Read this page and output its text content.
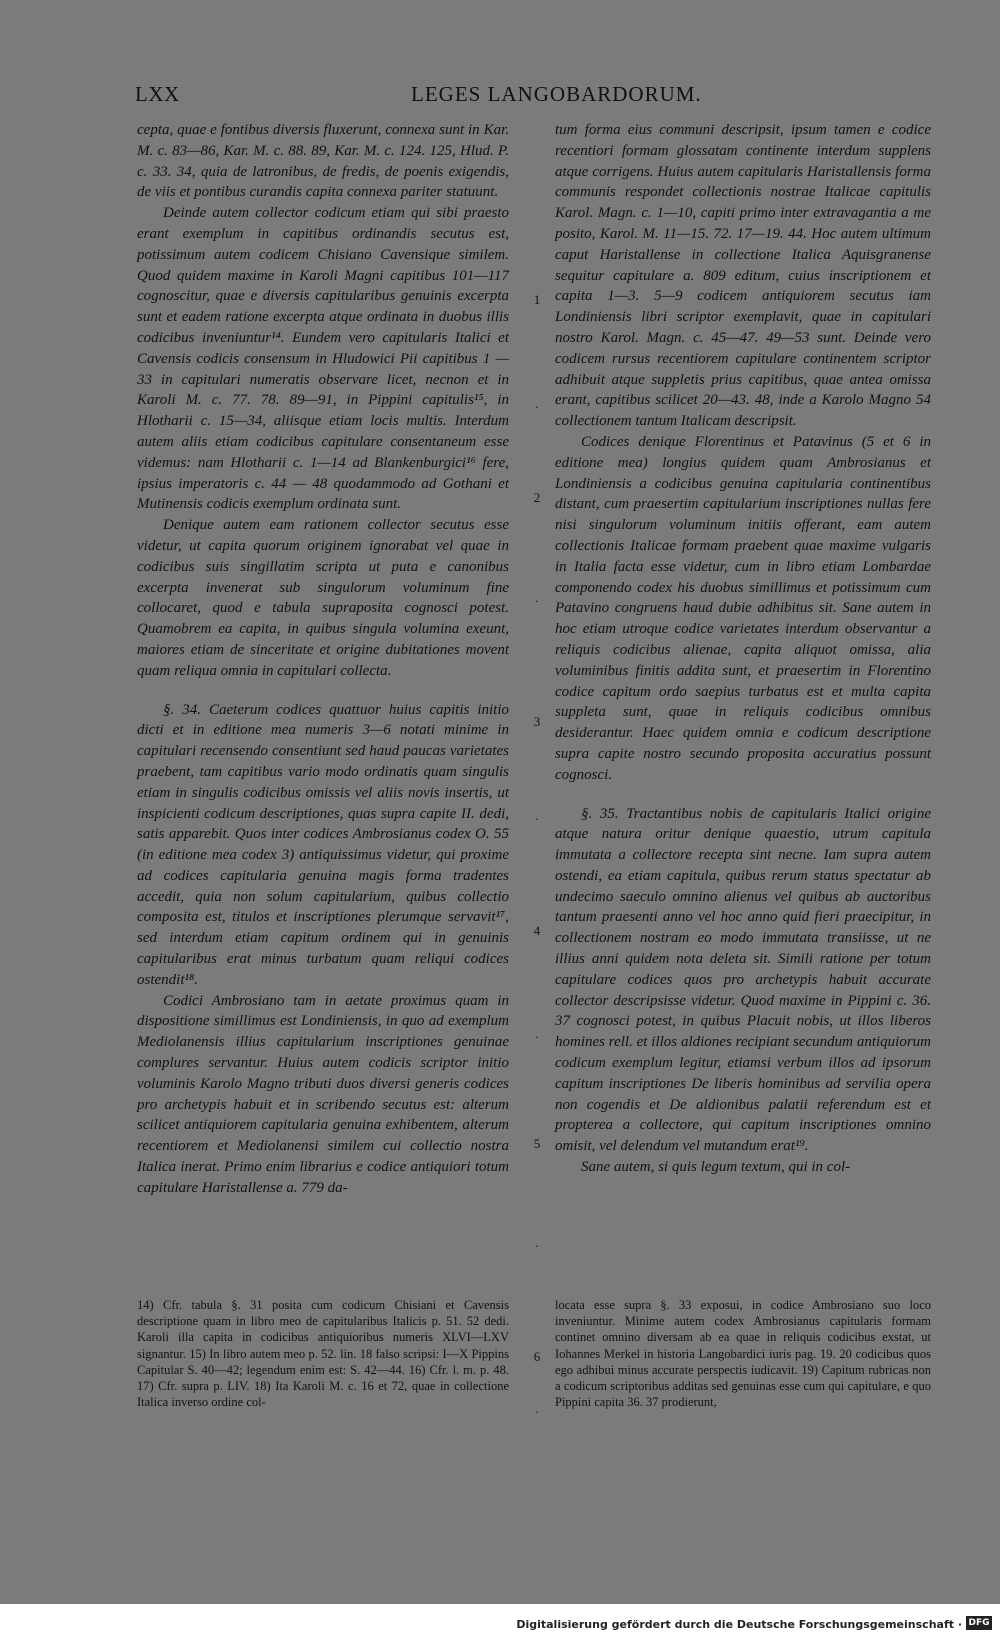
LXX	LEGES LANGOBARDORUM.

cepta, quae e fontibus diversis fluxerunt, connexa sunt in Kar. M. c. 83—86, Kar. M. c. 88. 89, Kar. M. c. 124. 125, Hlud. P. c. 33. 34, quia de latronibus, de fredis, de poenis exigendis, de viis et pontibus curandis capita connexa pariter statuunt.

Deinde autem collector codicum etiam qui sibi praesto erant exemplum in capitibus ordinandis secutus est, potissimum autem codicem Chisiano Cavensique similem. Quod quidem maxime in Karoli Magni capitibus 101—117 cognoscitur, quae e diversis capitularibus genuinis excerpta sunt et eadem ratione excerpta atque ordinata in duobus illis codicibus inveniuntur¹⁴. Eundem vero capitularis Italici et Cavensis codicis consensum in Hludowici Pii capitibus 1 — 33 in capitulari numeratis observare licet, necnon et in Karoli M. c. 77. 78. 89—91, in Pippini capitulis¹⁵, in Hlotharii c. 15—34, aliisque etiam locis multis. Interdum autem aliis etiam codicibus capitulare consentaneum esse videmus: nam Hlotharii c. 1—14 ad Blankenburgici¹⁶ fere, ipsius imperatoris c. 44 — 48 quodammodo ad Gothani et Mutinensis codicis exemplum ordinata sunt.

Denique autem eam rationem collector secutus esse videtur, ut capita quorum originem ignorabat vel quae in codicibus suis singillatim scripta ut puta e canonibus excerpta invenerat sub singulorum voluminum fine collocaret, quod e tabula supraposita cognosci potest. Quamobrem ea capita, in quibus singula volumina exeunt, maiores etiam de sinceritate et origine dubitationes movent quam reliqua omnia in capitulari collecta.

§. 34. Caeterum codices quattuor huius capitis initio dicti et in editione mea numeris 3—6 notati minime in capitulari recensendo consentiunt sed haud paucas varietates praebent, tam capitibus vario modo ordinatis quam singulis etiam in singulis codicibus omissis vel aliis novis insertis, ut inspicienti codicum descriptiones, quas supra capite II. dedi, satis apparebit. Quos inter codices Ambrosianus codex O. 55 (in editione mea codex 3) antiquissimus videtur, qui proxime ad codices capitularia genuina magis forma tradentes accedit, quia non solum capitularium, quibus collectio composita est, titulos et inscriptiones plerumque servavit¹⁷, sed interdum etiam capitum ordinem qui in genuinis capitularibus erat minus turbatum quam reliqui codices ostendit¹⁸.

Codici Ambrosiano tam in aetate proximus quam in dispositione simillimus est Londiniensis, in quo ad exemplum Mediolanensis illius capitularium inscriptiones genuinae complures servantur. Huius autem codicis scriptor initio voluminis Karolo Magno tributi duos diversi generis codices pro archetypis habuit et in scribendo secutus est: alterum scilicet antiquiorem capitularia genuina exhibentem, alterum recentiorem et Mediolanensi similem cui collectio nostra Italica inerat. Primo enim librarius e codice antiquiori totum capitulare Haristallense a. 779 da-

1
.
2
.
3
.
4
.
5
.

tum forma eius communi descripsit, ipsum tamen e codice recentiori formam glossatam continente interdum supplens atque corrigens. Huius autem capitularis Haristallensis forma communis respondet collectionis nostrae Italicae capitulis Karol. Magn. c. 1—10, capiti primo inter extravagantia a me posito, Karol. M. 11—15. 72. 17—19. 44. Hoc autem ultimum caput Haristallense in collectione Italica Aquisgranense sequitur capitulare a. 809 editum, cuius inscriptionem et capita 1—3. 5—9 codicem antiquiorem secutus iam Londiniensis libri scriptor exemplavit, quae in capitulari nostro Karol. Magn. c. 45—47. 49—53 sunt. Deinde vero codicem rursus recentiorem capitulare continentem scriptor adhibuit atque suppletis prius capitibus, quae antea omissa erant, capitibus scilicet 20—43. 48, inde a Karolo Magno 54 collectionem tantum Italicam descripsit.

Codices denique Florentinus et Patavinus (5 et 6 in editione mea) longius quidem quam Ambrosianus et Londiniensis a codicibus genuina capitularia continentibus distant, cum praesertim capitularium inscriptiones nullas fere nisi singulorum voluminum initiis offerant, eam autem collectionis Italicae formam praebent quae maxime vulgaris in Italia facta esse videtur, cum in libro etiam Lombardae componendo codex his duobus simillimus et potissimum cum Patavino congruens haud dubie adhibitus sit. Sane autem in hoc etiam utroque codice varietates interdum observantur a reliquis codicibus alienae, capita aliquot omissa, alia voluminibus finitis addita sunt, et praesertim in Florentino codice capitum ordo saepius turbatus est et multa capita suppleta sunt, quae in reliquis codicibus omnibus desiderantur. Haec quidem omnia e codicum descriptione supra capite nostro secundo proposita accuratius possunt cognosci.

§. 35. Tractantibus nobis de capitularis Italici origine atque natura oritur denique quaestio, utrum capitula immutata a collectore recepta sint necne. Iam supra autem ostendi, ea etiam capitula, quibus rerum status spectatur ab undecimo saeculo omnino alienus vel quibus ab auctoribus tantum praesenti anno vel hoc anno quid fieri praecipitur, in collectionem nostram eo modo immutata transiisse, ut ne illius anni quidem nota deleta sit. Simili ratione per totum capitulare codices quos pro archetypis habuit accurate collector descripsisse videtur. Quod maxime in Pippini c. 36. 37 cognosci potest, in quibus Placuit nobis, ut illos liberos homines rell. et illos aldiones recipiant secundum antiquiorum codicum exemplum legitur, etiamsi verbum illos ad ipsorum capitum inscriptiones De liberis hominibus ad servilia opera non cogendis et De aldionibus palatii referendum est et propterea a collectore, qui capitum inscriptiones omnino omisit, vel delendum vel mutandum erat¹⁹.

Sane autem, si quis legum textum, qui in col-

14) Cfr. tabula §. 31 posita cum codicum Chisiani et Cavensis descriptione quam in libro meo de capitularibus Italicis p. 51. 52 dedi. Karoli illa capita in codicibus antiquioribus numeris XLVI—LXV signantur. 15) In libro autem meo p. 52. lin. 18 falso scripsi: I—X Pippins Capitular S. 40—42; legendum enim est: S. 42—44. 16) Cfr. l. m. p. 48. 17) Cfr. supra p. LIV. 18) Ita Karoli M. c. 16 et 72, quae in collectione Italica inverso ordine col-
6
.
locata esse supra §. 33 exposui, in codice Ambrosiano suo loco inveniuntur. Minime autem codex Ambrosianus capitularis formam continet omnino diversam ab ea quae in reliquis codicibus exstat, ut Iohannes Merkel in historia Langobardici iuris pag. 19. 20 codicibus quos ego adhibui minus accurate perspectis iudicavit. 19) Capitum rubricas non a codicum scriptoribus additas sed genuinas esse cum qui capitulare, e quo Pippini capita 36. 37 prodierunt,
Digitalisierung gefördert durch die Deutsche Forschungsgemeinschaft · DFG
